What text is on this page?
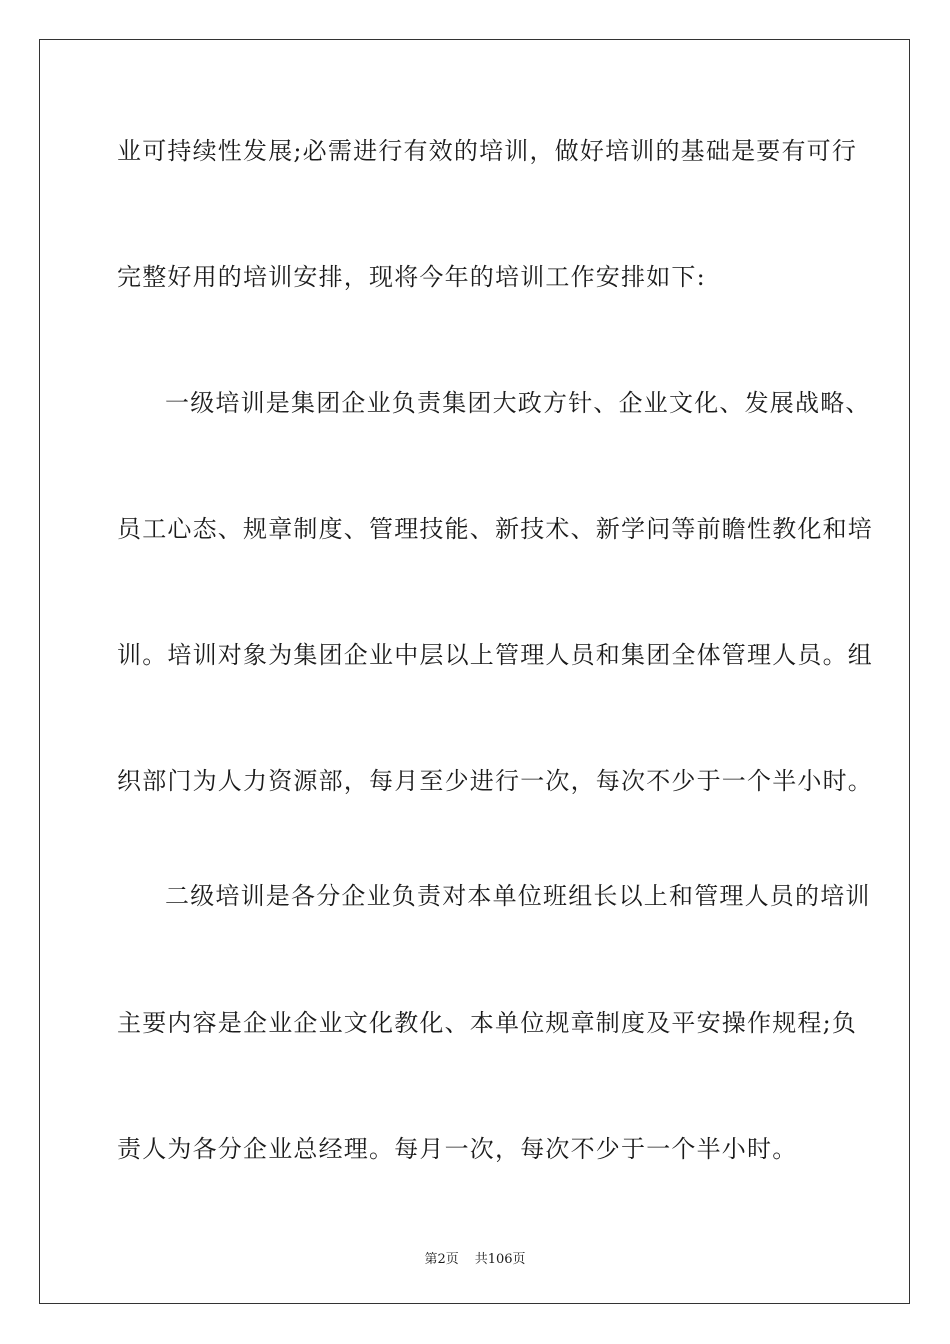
业可持续性发展;必需进行有效的培训，做好培训的基础是要有可行
完整好用的培训安排，现将今年的培训工作安排如下:
一级培训是集团企业负责集团大政方针、企业文化、发展战略、
员工心态、规章制度、管理技能、新技术、新学问等前瞻性教化和培
训。培训对象为集团企业中层以上管理人员和集团全体管理人员。组
织部门为人力资源部，每月至少进行一次，每次不少于一个半小时。
二级培训是各分企业负责对本单位班组长以上和管理人员的培训
主要内容是企业企业文化教化、本单位规章制度及平安操作规程;负
责人为各分企业总经理。每月一次，每次不少于一个半小时。
第2页 共106页
